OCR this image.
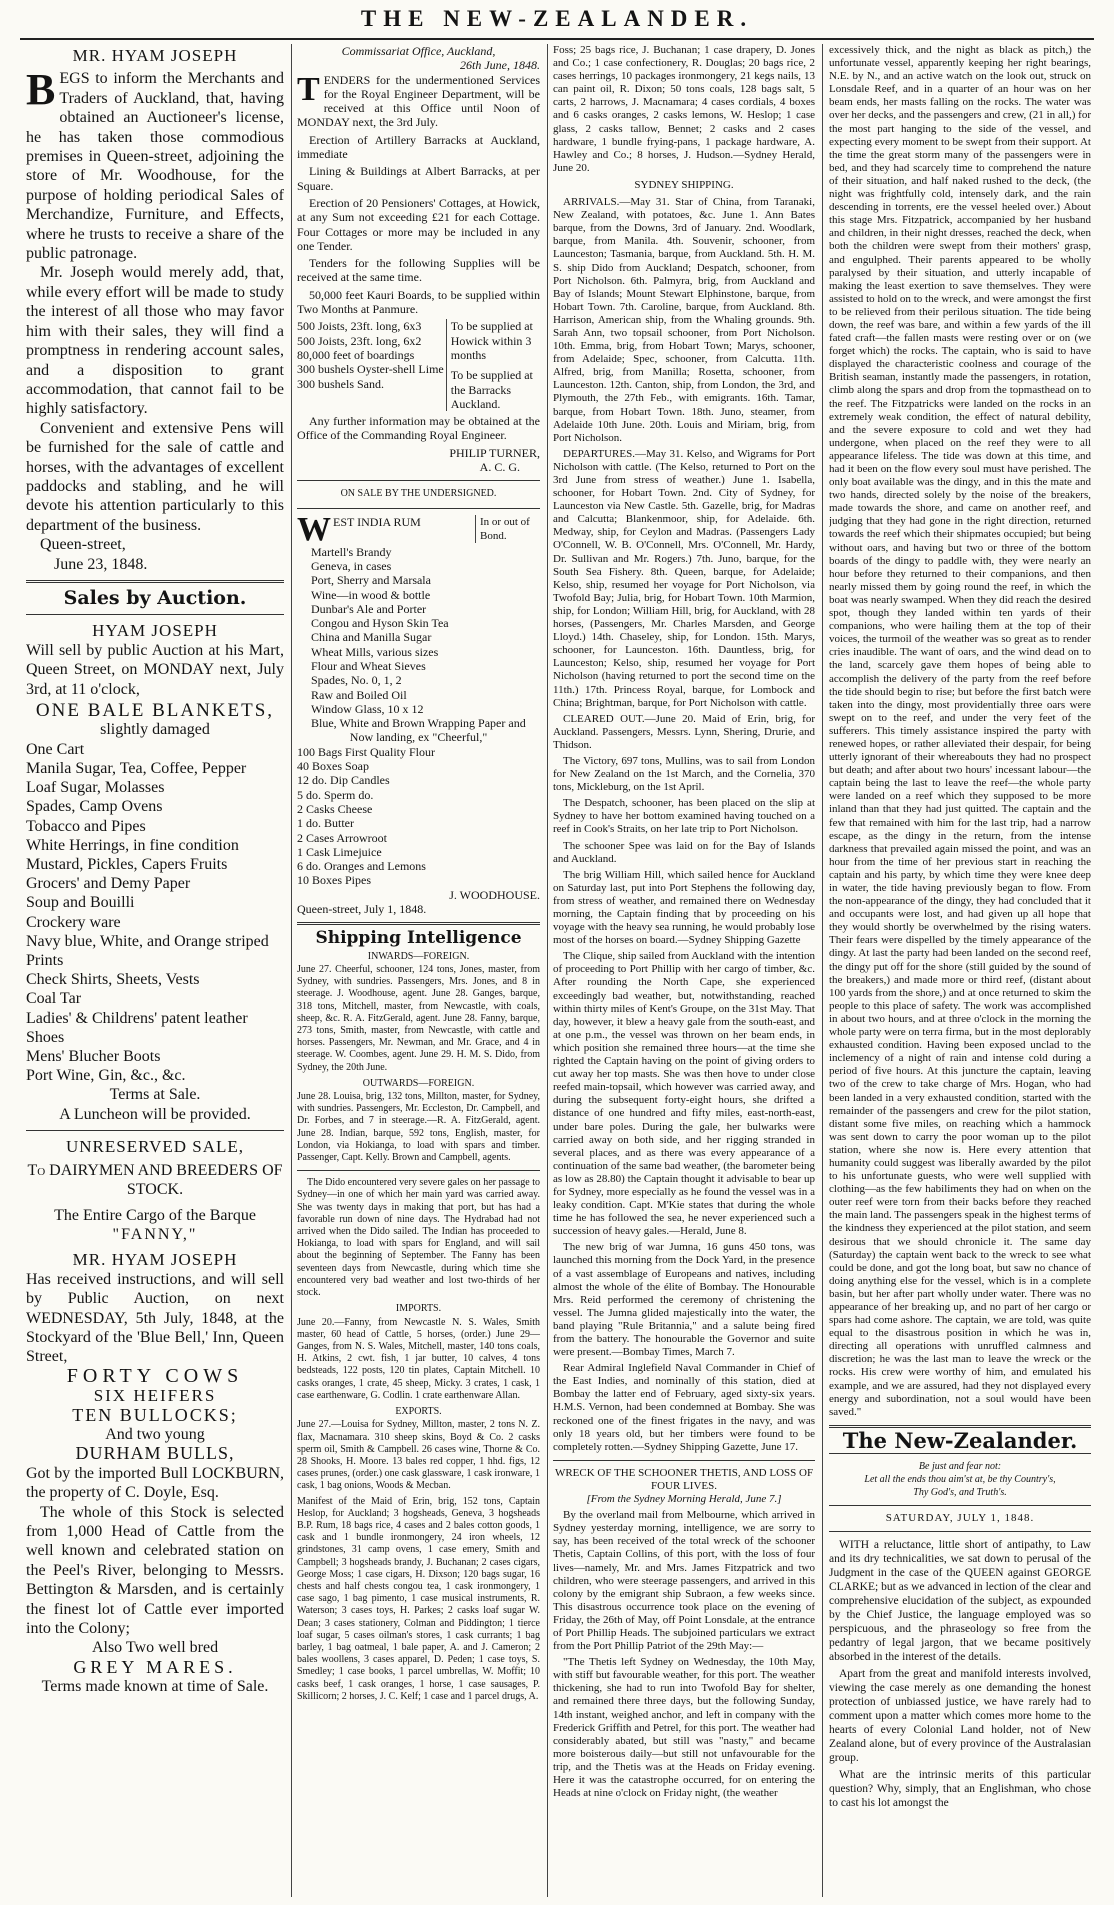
THE NEW-ZEALANDER.
MR. HYAM JOSEPH

BEGS to inform the Merchants and Traders of Auckland, that, having obtained an Auctioneer's license, he has taken those commodious premises in Queen-street, adjoining the store of Mr. Woodhouse, for the purpose of holding periodical Sales of Merchandize, Furniture, and Effects, where he trusts to receive a share of the public patronage.

Mr. Joseph would merely add, that, while every effort will be made to study the interest of all those who may favor him with their sales, they will find a promptness in rendering account sales, and a disposition to grant accommodation, that cannot fail to be highly satisfactory.

Convenient and extensive Pens will be furnished for the sale of cattle and horses, with the advantages of excellent paddocks and stabling, and he will devote his attention particularly to this department of the business.

Queen-street,

June 23, 1848.

Sales by Auction.
HYAM JOSEPH

Will sell by public Auction at his Mart, Queen Street, on MONDAY next, July 3rd, at 11 o'clock,

ONE BALE BLANKETS,
slightly damaged
One Cart
Manila Sugar, Tea, Coffee, Pepper
Loaf Sugar, Molasses
Spades, Camp Ovens
Tobacco and Pipes
White Herrings, in fine condition
Mustard, Pickles, Capers Fruits
Grocers' and Demy Paper
Soup and Bouilli
Crockery ware
Navy blue, White, and Orange striped Prints
Check Shirts, Sheets, Vests
Coal Tar
Ladies' & Childrens' patent leather Shoes
Mens' Blucher Boots
Port Wine, Gin, &c., &c.
Terms at Sale.
A Luncheon will be provided.
UNRESERVED SALE,
To DAIRYMEN AND BREEDERS OF STOCK.
The Entire Cargo of the Barque
"FANNY,"
MR. HYAM JOSEPH

Has received instructions, and will sell by Public Auction, on next WEDNESDAY, 5th July, 1848, at the Stockyard of the 'Blue Bell,' Inn, Queen Street,

FORTY COWS
SIX HEIFERS
TEN BULLOCKS;
And two young
DURHAM BULLS,

Got by the imported Bull LOCKBURN, the property of C. Doyle, Esq.

The whole of this Stock is selected from 1,000 Head of Cattle from the well known and celebrated station on the Peel's River, belonging to Messrs. Bettington & Marsden, and is certainly the finest lot of Cattle ever imported into the Colony;

Also Two well bred
GREY MARES.
Terms made known at time of Sale.
Commissariat Office, Auckland,
26th June, 1848.

TENDERS for the undermentioned Services for the Royal Engineer Department, will be received at this Office until Noon of MONDAY next, the 3rd July.

Erection of Artillery Barracks at Auckland, immediate

Lining & Buildings at Albert Barracks, at per Square.

Erection of 20 Pensioners' Cottages, at Howick, at any Sum not exceeding £21 for each Cottage. Four Cottages or more may be included in any one Tender.

Tenders for the following Supplies will be received at the same time.

50,000 feet Kauri Boards, to be supplied within Two Months at Panmure.

500 Joists, 23ft. long, 6x3
500 Joists, 23ft. long, 6x2
80,000 feet of boardings
300 bushels Oyster-shell Lime
300 bushels Sand.
To be supplied at Howick within 3 months
To be supplied at the Barracks Auckland.

Any further information may be obtained at the Office of the Commanding Royal Engineer.

PHILIP TURNER,
A. C. G.
ON SALE BY THE UNDERSIGNED.
W EST INDIA RUM	In or out of Bond.
Martell's Brandy
Geneva, in cases
Port, Sherry and Marsala
Wine—in wood & bottle
Dunbar's Ale and Porter
Congou and Hyson Skin Tea
China and Manilla Sugar
Wheat Mills, various sizes
Flour and Wheat Sieves
Spades, No. 0, 1, 2
Raw and Boiled Oil
Window Glass, 10 x 12
Blue, White and Brown Wrapping Paper and
Now landing, ex "Cheerful,"
100 Bags First Quality Flour
40 Boxes Soap
12 do. Dip Candles
5 do. Sperm do.
2 Casks Cheese
1 do. Butter
2 Cases Arrowroot
1 Cask Limejuice
6 do. Oranges and Lemons
10 Boxes Pipes
J. WOODHOUSE.
Queen-street, July 1, 1848.
Shipping Intelligence
INWARDS—FOREIGN.

June 27. Cheerful, schooner, 124 tons, Jones, master, from Sydney, with sundries. Passengers, Mrs. Jones, and 8 in steerage. J. Woodhouse, agent. June 28. Ganges, barque, 318 tons, Mitchell, master, from Newcastle, with coals, sheep, &c. R. A. FitzGerald, agent. June 28. Fanny, barque, 273 tons, Smith, master, from Newcastle, with cattle and horses. Passengers, Mr. Newman, and Mr. Grace, and 4 in steerage. W. Coombes, agent. June 29. H. M. S. Dido, from Sydney, the 20th June.

OUTWARDS—FOREIGN.

June 28. Louisa, brig, 132 tons, Millton, master, for Sydney, with sundries. Passengers, Mr. Eccleston, Dr. Campbell, and Dr. Forbes, and 7 in steerage.—R. A. FitzGerald, agent. June 28. Indian, barque, 592 tons, English, master, for London, via Hokianga, to load with spars and timber. Passenger, Capt. Kelly. Brown and Campbell, agents.

The Dido encountered very severe gales on her passage to Sydney—in one of which her main yard was carried away. She was twenty days in making that port, but has had a favorable run down of nine days. The Hydrabad had not arrived when the Dido sailed. The Indian has proceeded to Hokianga, to load with spars for England, and will sail about the beginning of September. The Fanny has been seventeen days from Newcastle, during which time she encountered very bad weather and lost two-thirds of her stock.

IMPORTS.

June 20.—Fanny, from Newcastle N. S. Wales, Smith master, 60 head of Cattle, 5 horses, (order.) June 29—Ganges, from N. S. Wales, Mitchell, master, 140 tons coals, H. Atkins, 2 cwt. fish, 1 jar butter, 10 calves, 4 tons bedsteads, 122 posts, 120 tin plates, Captain Mitchell. 10 casks oranges, 1 crate, 45 sheep, Micky. 3 crates, 1 cask, 1 case earthenware, G. Codlin. 1 crate earthenware Allan.

EXPORTS.

June 27.—Louisa for Sydney, Millton, master, 2 tons N. Z. flax, Macnamara. 310 sheep skins, Boyd & Co. 2 casks sperm oil, Smith & Campbell. 26 cases wine, Thorne & Co. 28 Shooks, H. Moore. 13 bales red copper, 1 hhd. figs, 12 cases prunes, (order.) one cask glassware, 1 cask ironware, 1 cask, 1 bag onions, Woods & Mecban.

Manifest of the Maid of Erin, brig, 152 tons, Captain Heslop, for Auckland; 3 hogsheads, Geneva, 3 hogsheads B.P. Rum, 18 bags rice, 4 cases and 2 bales cotton goods, 1 cask and 1 bundle ironmongery, 24 iron wheels, 12 grindstones, 31 camp ovens, 1 case emery, Smith and Campbell; 3 hogsheads brandy, J. Buchanan; 2 cases cigars, George Moss; 1 case cigars, H. Dixson; 120 bags sugar, 16 chests and half chests congou tea, 1 cask ironmongery, 1 case sago, 1 bag pimento, 1 case musical instruments, R. Waterson; 3 cases toys, H. Parkes; 2 casks loaf sugar W. Dean; 3 cases stationery, Colman and Piddington; 1 tierce loaf sugar, 5 cases oilman's stores, 1 cask currants; 1 bag barley, 1 bag oatmeal, 1 bale paper, A. and J. Cameron; 2 bales woollens, 3 cases apparel, D. Peden; 1 case toys, S. Smedley; 1 case books, 1 parcel umbrellas, W. Moffit; 10 casks beef, 1 cask oranges, 1 horse, 1 case sausages, P. Skillicorn; 2 horses, J. C. Kelf; 1 case and 1 parcel drugs, A.

Foss; 25 bags rice, J. Buchanan; 1 case drapery, D. Jones and Co.; 1 case confectionery, R. Douglas; 20 bags rice, 2 cases herrings, 10 packages ironmongery, 21 kegs nails, 13 can paint oil, R. Dixon; 50 tons coals, 128 bags salt, 5 carts, 2 harrows, J. Macnamara; 4 cases cordials, 4 boxes and 6 casks oranges, 2 casks lemons, W. Heslop; 1 case glass, 2 casks tallow, Bennet; 2 casks and 2 cases hardware, 1 bundle frying-pans, 1 package hardware, A. Hawley and Co.; 8 horses, J. Hudson.—Sydney Herald, June 20.

SYDNEY SHIPPING.

ARRIVALS.—May 31. Star of China, from Taranaki, New Zealand, with potatoes, &c. June 1. Ann Bates barque, from the Downs, 3rd of January. 2nd. Woodlark, barque, from Manila. 4th. Souvenir, schooner, from Launceston; Tasmania, barque, from Auckland. 5th. H. M. S. ship Dido from Auckland; Despatch, schooner, from Port Nicholson. 6th. Palmyra, brig, from Auckland and Bay of Islands; Mount Stewart Elphinstone, barque, from Hobart Town. 7th. Caroline, barque, from Auckland. 8th. Harrison, American ship, from the Whaling grounds. 9th. Sarah Ann, two topsail schooner, from Port Nicholson. 10th. Emma, brig, from Hobart Town; Marys, schooner, from Adelaide; Spec, schooner, from Calcutta. 11th. Alfred, brig, from Manilla; Rosetta, schooner, from Launceston. 12th. Canton, ship, from London, the 3rd, and Plymouth, the 27th Feb., with emigrants. 16th. Tamar, barque, from Hobart Town. 18th. Juno, steamer, from Adelaide 10th June. 20th. Louis and Miriam, brig, from Port Nicholson.

DEPARTURES.—May 31. Kelso, and Wigrams for Port Nicholson with cattle. (The Kelso, returned to Port on the 3rd June from stress of weather.) June 1. Isabella, schooner, for Hobart Town. 2nd. City of Sydney, for Launceston via New Castle. 5th. Gazelle, brig, for Madras and Calcutta; Blankenmoor, ship, for Adelaide. 6th. Medway, ship, for Ceylon and Madras. (Passengers Lady O'Connell, W. B. O'Connell, Mrs. O'Connell, Mr. Hardy, Dr. Sullivan and Mr. Rogers.) 7th. Juno, barque, for the South Sea Fishery. 8th. Queen, barque, for Adelaide; Kelso, ship, resumed her voyage for Port Nicholson, via Twofold Bay; Julia, brig, for Hobart Town. 10th Marmion, ship, for London; William Hill, brig, for Auckland, with 28 horses, (Passengers, Mr. Charles Marsden, and George Lloyd.) 14th. Chaseley, ship, for London. 15th. Marys, schooner, for Launceston. 16th. Dauntless, brig, for Launceston; Kelso, ship, resumed her voyage for Port Nicholson (having returned to port the second time on the 11th.) 17th. Princess Royal, barque, for Lombock and China; Brightman, barque, for Port Nicholson with cattle.

CLEARED OUT.—June 20. Maid of Erin, brig, for Auckland. Passengers, Messrs. Lynn, Shering, Drurie, and Thidson.

The Victory, 697 tons, Mullins, was to sail from London for New Zealand on the 1st March, and the Cornelia, 370 tons, Mickleburg, on the 1st April.

The Despatch, schooner, has been placed on the slip at Sydney to have her bottom examined having touched on a reef in Cook's Straits, on her late trip to Port Nicholson.

The schooner Spee was laid on for the Bay of Islands and Auckland.

The brig William Hill, which sailed hence for Auckland on Saturday last, put into Port Stephens the following day, from stress of weather, and remained there on Wednesday morning, the Captain finding that by proceeding on his voyage with the heavy sea running, he would probably lose most of the horses on board.—Sydney Shipping Gazette

The Clique, ship sailed from Auckland with the intention of proceeding to Port Phillip with her cargo of timber, &c. After rounding the North Cape, she experienced exceedingly bad weather, but, notwithstanding, reached within thirty miles of Kent's Groupe, on the 31st May. That day, however, it blew a heavy gale from the south-east, and at one p.m., the vessel was thrown on her beam ends, in which position she remained three hours—at the time she righted the Captain having on the point of giving orders to cut away her top masts. She was then hove to under close reefed main-topsail, which however was carried away, and during the subsequent forty-eight hours, she drifted a distance of one hundred and fifty miles, east-north-east, under bare poles. During the gale, her bulwarks were carried away on both side, and her rigging stranded in several places, and as there was every appearance of a continuation of the same bad weather, (the barometer being as low as 28.80) the Captain thought it advisable to bear up for Sydney, more especially as he found the vessel was in a leaky condition. Capt. M'Kie states that during the whole time he has followed the sea, he never experienced such a succession of heavy gales.—Herald, June 8.

The new brig of war Jumna, 16 guns 450 tons, was launched this morning from the Dock Yard, in the presence of a vast assemblage of Europeans and natives, including almost the whole of the élite of Bombay. The Honourable Mrs. Reid performed the ceremony of christening the vessel. The Jumna glided majestically into the water, the band playing "Rule Britannia," and a salute being fired from the battery. The honourable the Governor and suite were present.—Bombay Times, March 7.

Rear Admiral Inglefield Naval Commander in Chief of the East Indies, and nominally of this station, died at Bombay the latter end of February, aged sixty-six years. H.M.S. Vernon, had been condemned at Bombay. She was reckoned one of the finest frigates in the navy, and was only 18 years old, but her timbers were found to be completely rotten.—Sydney Shipping Gazette, June 17.

WRECK OF THE SCHOONER THETIS, AND LOSS OF FOUR LIVES.
[From the Sydney Morning Herald, June 7.]

By the overland mail from Melbourne, which arrived in Sydney yesterday morning, intelligence, we are sorry to say, has been received of the total wreck of the schooner Thetis, Captain Collins, of this port, with the loss of four lives—namely, Mr. and Mrs. James Fitzpatrick and two children, who were steerage passengers, and arrived in this colony by the emigrant ship Subraon, a few weeks since. This disastrous occurrence took place on the evening of Friday, the 26th of May, off Point Lonsdale, at the entrance of Port Phillip Heads. The subjoined particulars we extract from the Port Phillip Patriot of the 29th May:—

"The Thetis left Sydney on Wednesday, the 10th May, with stiff but favourable weather, for this port. The weather thickening, she had to run into Twofold Bay for shelter, and remained there three days, but the following Sunday, 14th instant, weighed anchor, and left in company with the Frederick Griffith and Petrel, for this port. The weather had considerably abated, but still was "nasty," and became more boisterous daily—but still not unfavourable for the trip, and the Thetis was at the Heads on Friday evening. Here it was the catastrophe occurred, for on entering the Heads at nine o'clock on Friday night, (the weather

excessively thick, and the night as black as pitch,) the unfortunate vessel, apparently keeping her right bearings, N.E. by N., and an active watch on the look out, struck on Lonsdale Reef, and in a quarter of an hour was on her beam ends, her masts falling on the rocks. The water was over her decks, and the passengers and crew, (21 in all,) for the most part hanging to the side of the vessel, and expecting every moment to be swept from their support. At the time the great storm many of the passengers were in bed, and they had scarcely time to comprehend the nature of their situation, and half naked rushed to the deck, (the night was frightfully cold, intensely dark, and the rain descending in torrents, ere the vessel heeled over.) About this stage Mrs. Fitzpatrick, accompanied by her husband and children, in their night dresses, reached the deck, when both the children were swept from their mothers' grasp, and engulphed. Their parents appeared to be wholly paralysed by their situation, and utterly incapable of making the least exertion to save themselves. They were assisted to hold on to the wreck, and were amongst the first to be relieved from their perilous situation. The tide being down, the reef was bare, and within a few yards of the ill fated craft—the fallen masts were resting over or on (we forget which) the rocks. The captain, who is said to have displayed the characteristic coolness and courage of the British seaman, instantly made the passengers, in rotation, climb along the spars and drop from the topmasthead on to the reef. The Fitzpatricks were landed on the rocks in an extremely weak condition, the effect of natural debility, and the severe exposure to cold and wet they had undergone, when placed on the reef they were to all appearance lifeless. The tide was down at this time, and had it been on the flow every soul must have perished. The only boat available was the dingy, and in this the mate and two hands, directed solely by the noise of the breakers, made towards the shore, and came on another reef, and judging that they had gone in the right direction, returned towards the reef which their shipmates occupied; but being without oars, and having but two or three of the bottom boards of the dingy to paddle with, they were nearly an hour before they returned to their companions, and then nearly missed them by going round the reef, in which the boat was nearly swamped. When they did reach the desired spot, though they landed within ten yards of their companions, who were hailing them at the top of their voices, the turmoil of the weather was so great as to render cries inaudible. The want of oars, and the wind dead on to the land, scarcely gave them hopes of being able to accomplish the delivery of the party from the reef before the tide should begin to rise; but before the first batch were taken into the dingy, most providentially three oars were swept on to the reef, and under the very feet of the sufferers. This timely assistance inspired the party with renewed hopes, or rather alleviated their despair, for being utterly ignorant of their whereabouts they had no prospect but death; and after about two hours' incessant labour—the captain being the last to leave the reef—the whole party were landed on a reef which they supposed to be more inland than that they had just quitted. The captain and the few that remained with him for the last trip, had a narrow escape, as the dingy in the return, from the intense darkness that prevailed again missed the point, and was an hour from the time of her previous start in reaching the captain and his party, by which time they were knee deep in water, the tide having previously began to flow. From the non-appearance of the dingy, they had concluded that it and occupants were lost, and had given up all hope that they would shortly be overwhelmed by the rising waters. Their fears were dispelled by the timely appearance of the dingy. At last the party had been landed on the second reef, the dingy put off for the shore (still guided by the sound of the breakers,) and made more or third reef, (distant about 100 yards from the shore,) and at once returned to skim the people to this place of safety. The work was accomplished in about two hours, and at three o'clock in the morning the whole party were on terra firma, but in the most deplorably exhausted condition. Having been exposed unclad to the inclemency of a night of rain and intense cold during a period of five hours. At this juncture the captain, leaving two of the crew to take charge of Mrs. Hogan, who had been landed in a very exhausted condition, started with the remainder of the passengers and crew for the pilot station, distant some five miles, on reaching which a hammock was sent down to carry the poor woman up to the pilot station, where she now is. Here every attention that humanity could suggest was liberally awarded by the pilot to his unfortunate guests, who were well supplied with clothing—as the few habiliments they had on when on the outer reef were torn from their backs before they reached the main land. The passengers speak in the highest terms of the kindness they experienced at the pilot station, and seem desirous that we should chronicle it. The same day (Saturday) the captain went back to the wreck to see what could be done, and got the long boat, but saw no chance of doing anything else for the vessel, which is in a complete basin, but her after part wholly under water. There was no appearance of her breaking up, and no part of her cargo or spars had come ashore. The captain, we are told, was quite equal to the disastrous position in which he was in, directing all operations with unruffled calmness and discretion; he was the last man to leave the wreck or the rocks. His crew were worthy of him, and emulated his example, and we are assured, had they not displayed every energy and subordination, not a soul would have been saved."

The New-Zealander.
Be just and fear not:
Let all the ends thou aim'st at, be thy Country's,
Thy God's, and Truth's.
SATURDAY, JULY 1, 1848.

WITH a reluctance, little short of antipathy, to Law and its dry technicalities, we sat down to perusal of the Judgment in the case of the QUEEN against GEORGE CLARKE; but as we advanced in lection of the clear and comprehensive elucidation of the subject, as expounded by the Chief Justice, the language employed was so perspicuous, and the phraseology so free from the pedantry of legal jargon, that we became positively absorbed in the interest of the details.

Apart from the great and manifold interests involved, viewing the case merely as one demanding the honest protection of unbiassed justice, we have rarely had to comment upon a matter which comes more home to the hearts of every Colonial Land holder, not of New Zealand alone, but of every province of the Australasian group.

What are the intrinsic merits of this particular question? Why, simply, that an Englishman, who chose to cast his lot amongst the
